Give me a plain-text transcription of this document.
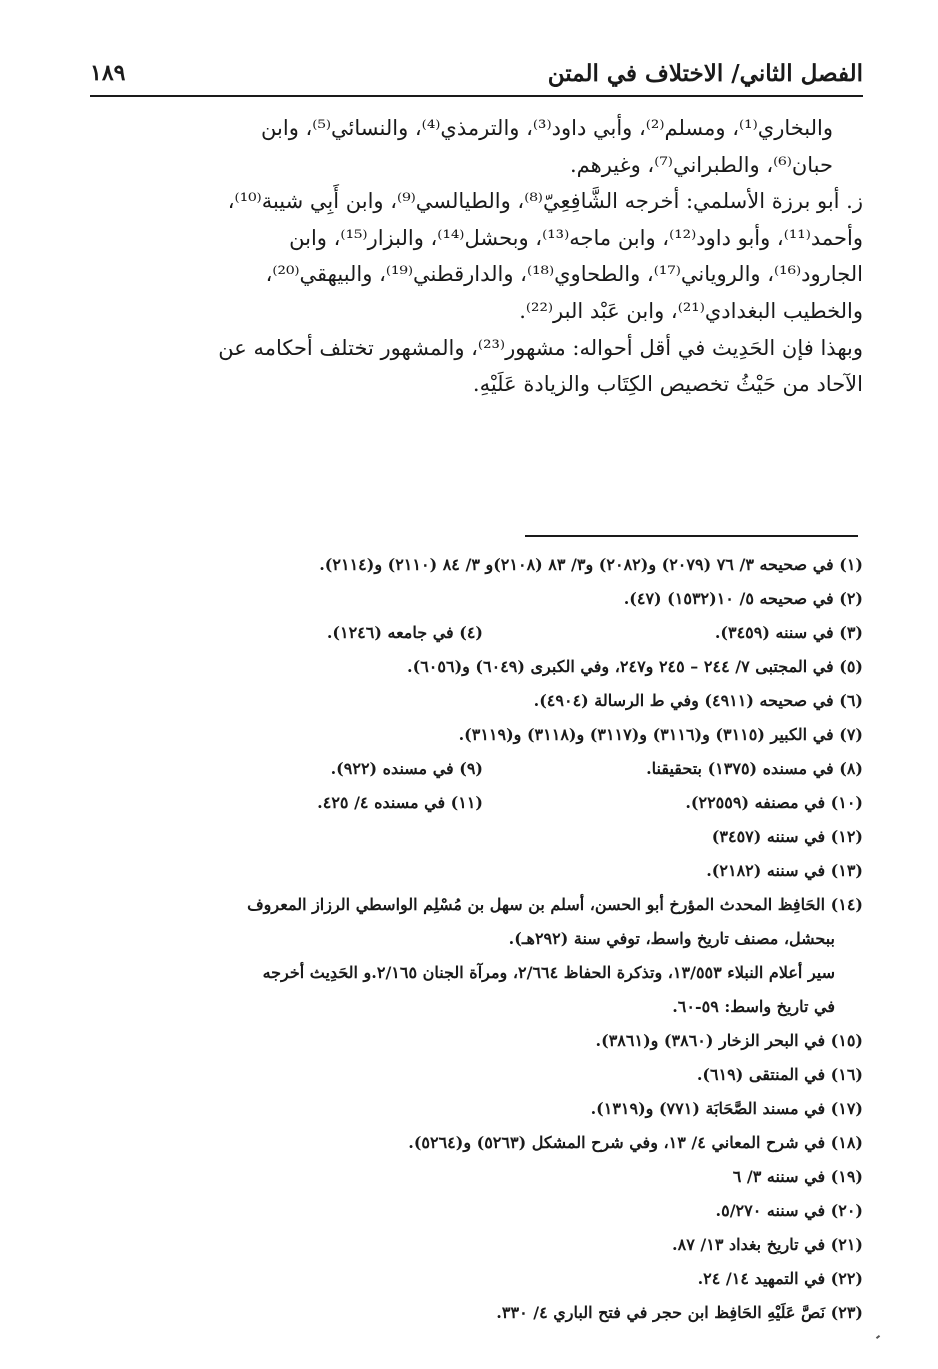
الفصل الثاني/ الاختلاف في المتن
١٨٩

والبخاري⁽¹⁾، ومسلم⁽²⁾، وأبي داود⁽³⁾، والترمذي⁽⁴⁾، والنسائي⁽⁵⁾، وابن
حبان⁽⁶⁾، والطبراني⁽⁷⁾، وغيرهم.

ز. أبو برزة الأسلمي: أخرجه الشَّافِعِيّ⁽⁸⁾، والطيالسي⁽⁹⁾، وابن أَبِي شيبة⁽¹⁰⁾،
وأحمد⁽¹¹⁾، وأبو داود⁽¹²⁾، وابن ماجه⁽¹³⁾، وبحشل⁽¹⁴⁾، والبزار⁽¹⁵⁾، وابن
الجارود⁽¹⁶⁾، والروياني⁽¹⁷⁾، والطحاوي⁽¹⁸⁾، والدارقطني⁽¹⁹⁾، والبيهقي⁽²⁰⁾،
والخطيب البغدادي⁽²¹⁾، وابن عَبْد البر⁽²²⁾.

وبهذا فإن الحَدِيث في أقل أحواله: مشهور⁽²³⁾، والمشهور تختلف أحكامه عن
الآحاد من حَيْثُ تخصيص الكِتَاب والزيادة عَلَيْهِ.

(١) في صحيحه ٣/ ٧٦ (٢٠٧٩) و(٢٠٨٢) و٣/ ٨٣ (٢١٠٨)و ٣/ ٨٤ (٢١١٠) و(٢١١٤).
(٢) في صحيحه ٥/ ١٠(١٥٣٢) (٤٧).
(٣) في سننه (٣٤٥٩).
(٤) في جامعه (١٢٤٦).
(٥) في المجتبى ٧/ ٢٤٤ – ٢٤٥ و٢٤٧، وفي الكبرى (٦٠٤٩) و(٦٠٥٦).
(٦) في صحيحه (٤٩١١) وفي ط الرسالة (٤٩٠٤).
(٧) في الكبير (٣١١٥) و(٣١١٦) و(٣١١٧) و(٣١١٨) و(٣١١٩).
(٨) في مسنده (١٣٧٥) بتحقيقنا.
(٩) في مسنده (٩٢٢).
(١٠) في مصنفه (٢٢٥٥٩).
(١١) في مسنده ٤/ ٤٢٥.
(١٢) في سننه (٣٤٥٧)
(١٣) في سننه (٢١٨٢).
(١٤) الحَافِظ المحدث المؤرخ أبو الحسن، أسلم بن سهل بن مُسْلِم الواسطي الرزاز المعروف
ببحشل، مصنف تاريخ واسط، توفي سنة (٢٩٢هـ).
سير أعلام النبلاء ١٣/٥٥٣، وتذكرة الحفاظ ٢/٦٦٤، ومرآة الجنان ٢/١٦٥.و الحَدِيث أخرجه
في تاريخ واسط: ٥٩-٦٠.
(١٥) في البحر الزخار (٣٨٦٠) و(٣٨٦١).
(١٦) في المنتقى (٦١٩).
(١٧) في مسند الصَّحَابَة (٧٧١) و(١٣١٩).
(١٨) في شرح المعاني ٤/ ١٣، وفي شرح المشكل (٥٢٦٣) و(٥٢٦٤).
(١٩) في سننه ٣/ ٦
(٢٠) في سننه ٥/٢٧٠.
(٢١) في تاريخ بغداد ١٣/ ٨٧.
(٢٢) في التمهيد ١٤/ ٢٤.
(٢٣) نَصَّ عَلَيْهِ الحَافِظ ابن حجر في فتح الباري ٤/ ٣٣٠.
